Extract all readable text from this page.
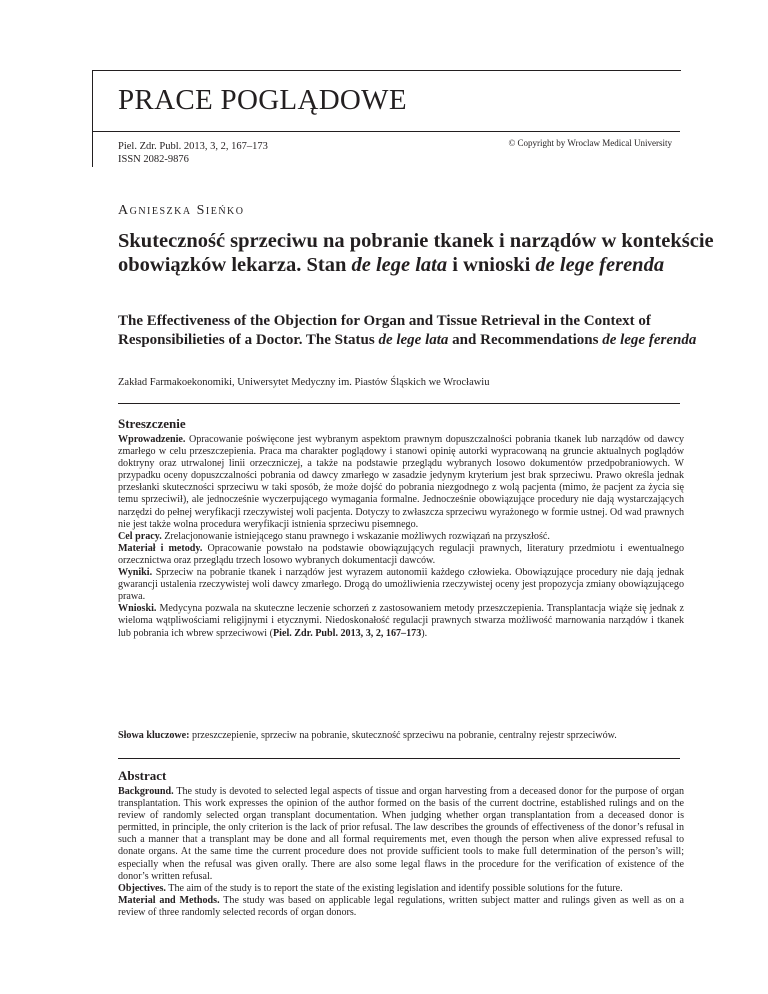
PRACE POGLĄDOWE
Piel. Zdr. Publ. 2013, 3, 2, 167–173
ISSN 2082-9876
© Copyright by Wroclaw Medical University
Agnieszka Sieńko
Skuteczność sprzeciwu na pobranie tkanek i narządów w kontekście obowiązków lekarza. Stan de lege lata i wnioski de lege ferenda
The Effectiveness of the Objection for Organ and Tissue Retrieval in the Context of Responsibilieties of a Doctor. The Status de lege lata and Recommendations de lege ferenda
Zakład Farmakoekonomiki, Uniwersytet Medyczny im. Piastów Śląskich we Wrocławiu
Streszczenie

Wprowadzenie. Opracowanie poświęcone jest wybranym aspektom prawnym dopuszczalności pobrania tkanek lub narządów od dawcy zmarłego w celu przeszczepienia. Praca ma charakter poglądowy i stanowi opinię autorki wypracowaną na gruncie aktualnych poglądów doktryny oraz utrwalonej linii orzeczniczej, a także na podstawie przeglądu wybranych losowo dokumentów przedpobraniowych. W przypadku oceny dopuszczalności pobrania od dawcy zmarłego w zasadzie jedynym kryterium jest brak sprzeciwu. Prawo określa jednak przesłanki skuteczności sprzeciwu w taki sposób, że może dojść do pobrania niezgodnego z wolą pacjenta (mimo, że pacjent za życia się temu sprzeciwił), ale jednocześnie wyczerpującego wymagania formalne. Jednocześnie obowiązujące procedury nie dają wystarczających narzędzi do pełnej weryfikacji rzeczywistej woli pacjenta. Dotyczy to zwłaszcza sprzeciwu wyrażonego w formie ustnej. Od wad prawnych nie jest także wolna procedura weryfikacji istnienia sprzeciwu pisemnego.

Cel pracy. Zrelacjonowanie istniejącego stanu prawnego i wskazanie możliwych rozwiązań na przyszłość.

Materiał i metody. Opracowanie powstało na podstawie obowiązujących regulacji prawnych, literatury przedmiotu i ewentualnego orzecznictwa oraz przeglądu trzech losowo wybranych dokumentacji dawców.

Wyniki. Sprzeciw na pobranie tkanek i narządów jest wyrazem autonomii każdego człowieka. Obowiązujące procedury nie dają jednak gwarancji ustalenia rzeczywistej woli dawcy zmarłego. Drogą do umożliwienia rzeczywistej oceny jest propozycja zmiany obowiązującego prawa.

Wnioski. Medycyna pozwala na skuteczne leczenie schorzeń z zastosowaniem metody przeszczepienia. Transplantacja wiąże się jednak z wieloma wątpliwościami religijnymi i etycznymi. Niedoskonałość regulacji prawnych stwarza możliwość marnowania narządów i tkanek lub pobrania ich wbrew sprzeciwowi (Piel. Zdr. Publ. 2013, 3, 2, 167–173).

Słowa kluczowe: przeszczepienie, sprzeciw na pobranie, skuteczność sprzeciwu na pobranie, centralny rejestr sprzeciwów.

Abstract

Background. The study is devoted to selected legal aspects of tissue and organ harvesting from a deceased donor for the purpose of organ transplantation. This work expresses the opinion of the author formed on the basis of the current doctrine, established rulings and on the review of randomly selected organ transplant documentation. When judging whether organ transplantation from a deceased donor is permitted, in principle, the only criterion is the lack of prior refusal. The law describes the grounds of effectiveness of the donor’s refusal in such a manner that a transplant may be done and all formal requirements met, even though the person when alive expressed refusal to donate organs. At the same time the current procedure does not provide sufficient tools to make full determination of the person’s will; especially when the refusal was given orally. There are also some legal flaws in the procedure for the verification of existence of the donor’s written refusal.

Objectives. The aim of the study is to report the state of the existing legislation and identify possible solutions for the future.

Material and Methods. The study was based on applicable legal regulations, written subject matter and rulings given as well as on a review of three randomly selected records of organ donors.
